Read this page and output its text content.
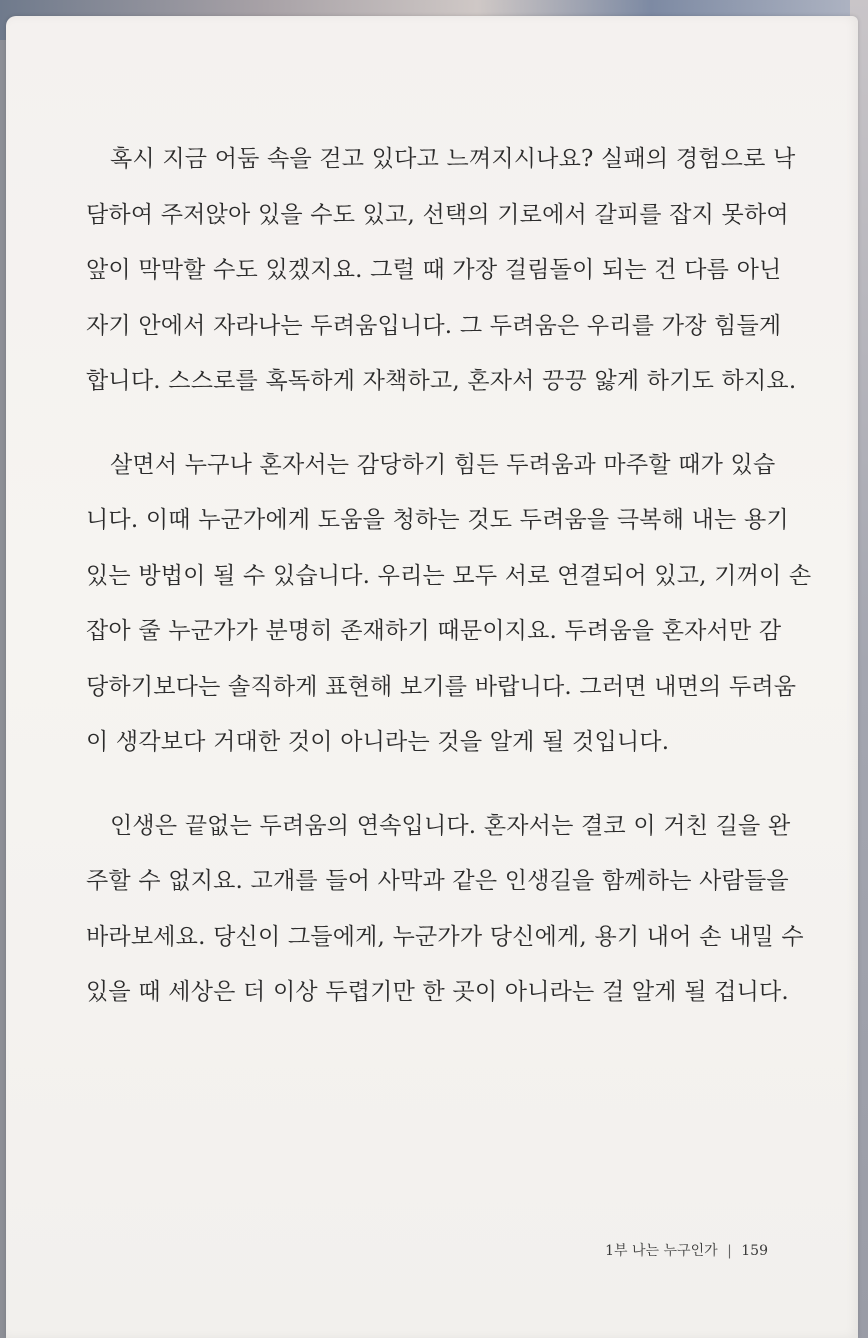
혹시 지금 어둠 속을 걷고 있다고 느껴지시나요? 실패의 경험으로 낙
담하여 주저앉아 있을 수도 있고, 선택의 기로에서 갈피를 잡지 못하여
앞이 막막할 수도 있겠지요. 그럴 때 가장 걸림돌이 되는 건 다름 아닌
자기 안에서 자라나는 두려움입니다. 그 두려움은 우리를 가장 힘들게
합니다. 스스로를 혹독하게 자책하고, 혼자서 끙끙 앓게 하기도 하지요.
살면서 누구나 혼자서는 감당하기 힘든 두려움과 마주할 때가 있습
니다. 이때 누군가에게 도움을 청하는 것도 두려움을 극복해 내는 용기
있는 방법이 될 수 있습니다. 우리는 모두 서로 연결되어 있고, 기꺼이 손
잡아 줄 누군가가 분명히 존재하기 때문이지요. 두려움을 혼자서만 감
당하기보다는 솔직하게 표현해 보기를 바랍니다. 그러면 내면의 두려움
이 생각보다 거대한 것이 아니라는 것을 알게 될 것입니다.
인생은 끝없는 두려움의 연속입니다. 혼자서는 결코 이 거친 길을 완
주할 수 없지요. 고개를 들어 사막과 같은 인생길을 함께하는 사람들을
바라보세요. 당신이 그들에게, 누군가가 당신에게, 용기 내어 손 내밀 수
있을 때 세상은 더 이상 두렵기만 한 곳이 아니라는 걸 알게 될 겁니다.
1부 나는 누구인가 | 159
